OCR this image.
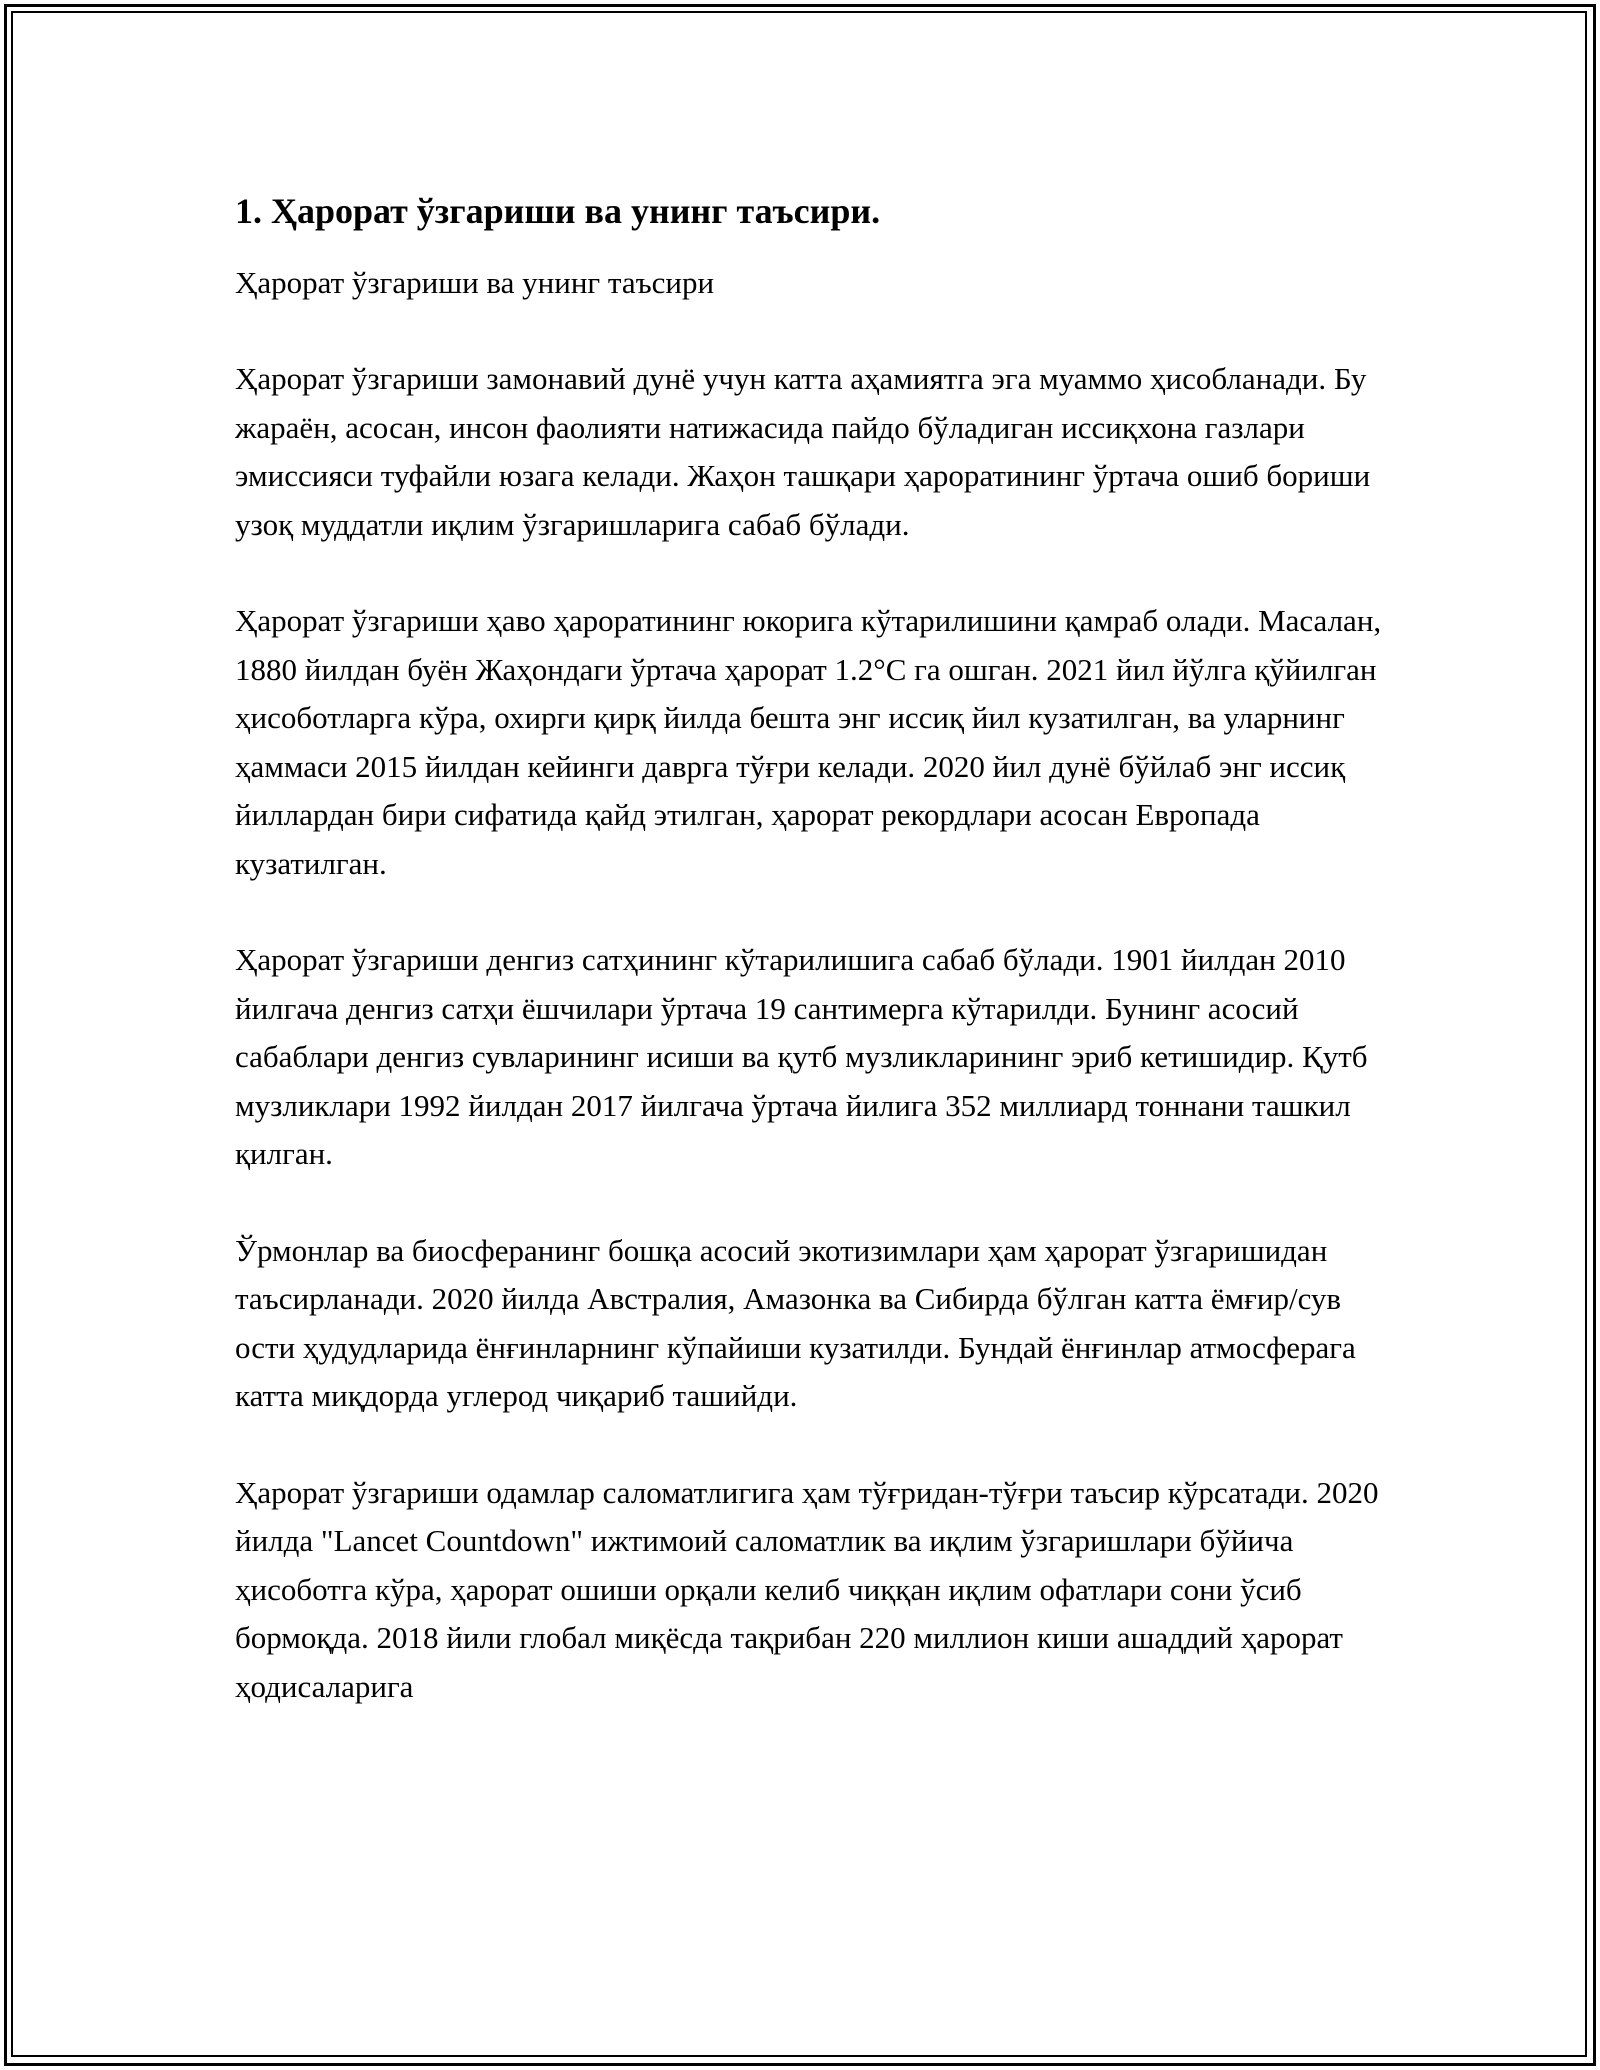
1. Ҳарорат ўзгариши ва унинг таъсири.

Ҳарорат ўзгариши ва унинг таъсири

Ҳарорат ўзгариши замонавий дунё учун катта аҳамиятга эга муаммо ҳисобланади. Бу жараён, асосан, инсон фаолияти натижасида пайдо бўладиган иссиқхона газлари эмиссияси туфайли юзага келади. Жаҳон ташқари ҳароратининг ўртача ошиб бориши узоқ муддатли иқлим ўзгаришларига сабаб бўлади.

Ҳарорат ўзгариши ҳаво ҳароратининг юкорига кўтарилишини қамраб олади. Масалан, 1880 йилдан буён Жаҳондаги ўртача ҳарорат 1.2°C га ошган. 2021 йил йўлга қўйилган ҳисоботларга кўра, охирги қирқ йилда бешта энг иссиқ йил кузатилган, ва уларнинг ҳаммаси 2015 йилдан кейинги даврга тўғри келади. 2020 йил дунё бўйлаб энг иссиқ йиллардан бири сифатида қайд этилган, ҳарорат рекордлари асосан Европада кузатилган.

Ҳарорат ўзгариши денгиз сатҳининг кўтарилишига сабаб бўлади. 1901 йилдан 2010 йилгача денгиз сатҳи ёшчилари ўртача 19 сантимерга кўтарилди. Бунинг асосий сабаблари денгиз сувларининг исиши ва қутб музликларининг эриб кетишидир. Қутб музликлари 1992 йилдан 2017 йилгача ўртача йилига 352 миллиард тоннани ташкил қилган.

Ўрмонлар ва биосферанинг бошқа асосий экотизимлари ҳам ҳарорат ўзгаришидан таъсирланади. 2020 йилда Австралия, Амазонка ва Сибирда бўлган катта ёмғир/сув ости ҳудудларида ёнғинларнинг кўпайиши кузатилди. Бундай ёнғинлар атмосферага катта миқдорда углерод чиқариб ташийди.

Ҳарорат ўзгариши одамлар саломатлигига ҳам тўғридан-тўғри таъсир кўрсатади. 2020 йилда "Lancet Countdown" ижтимоий саломатлик ва иқлим ўзгаришлари бўйича ҳисоботга кўра, ҳарорат ошиши орқали келиб чиққан иқлим офатлари сони ўсиб бормоқда. 2018 йили глобал миқёсда тақрибан 220 миллион киши ашаддий ҳарорат ҳодисаларига
